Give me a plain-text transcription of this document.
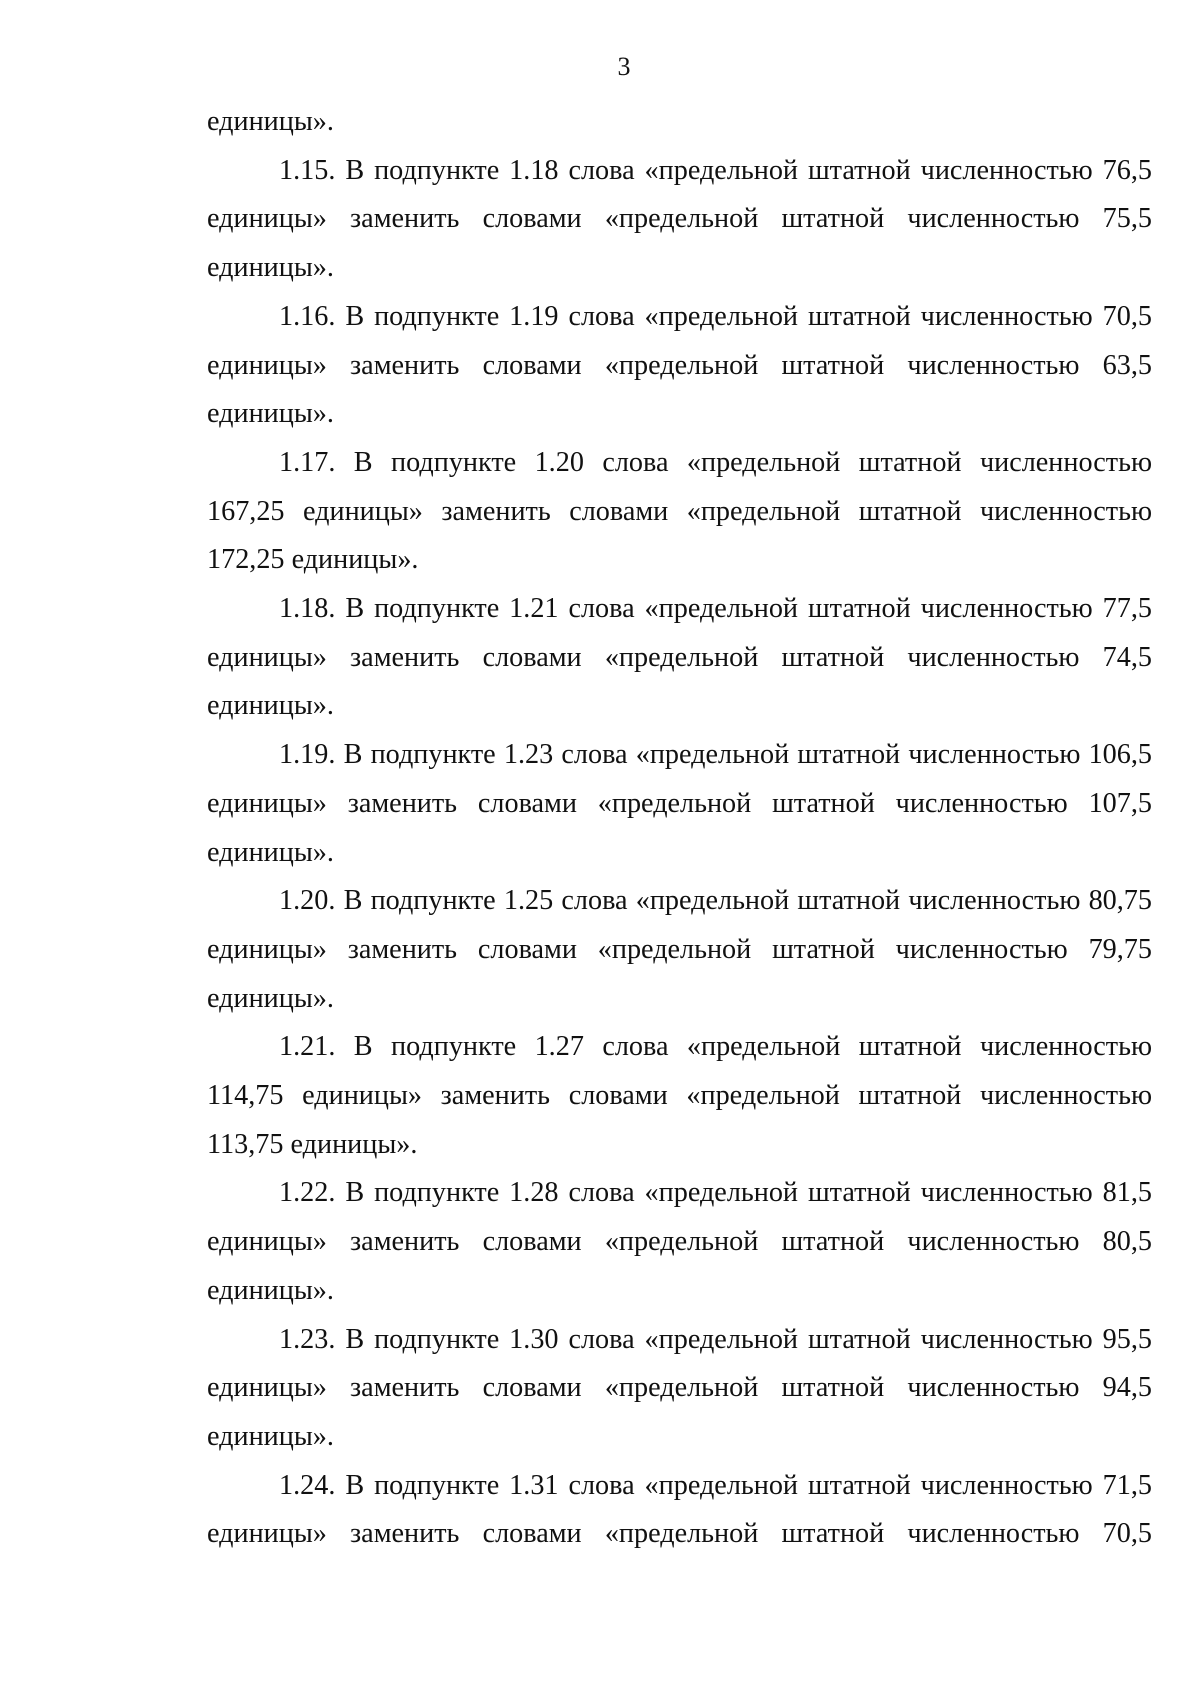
3

единицы».

1.15. В подпункте 1.18 слова «предельной штатной численностью 76,5 единицы» заменить словами «предельной штатной численностью 75,5 единицы».

1.16. В подпункте 1.19 слова «предельной штатной численностью 70,5 единицы» заменить словами «предельной штатной численностью 63,5 единицы».

1.17. В подпункте 1.20 слова «предельной штатной численностью 167,25 единицы» заменить словами «предельной штатной численностью 172,25 единицы».

1.18. В подпункте 1.21 слова «предельной штатной численностью 77,5 единицы» заменить словами «предельной штатной численностью 74,5 единицы».

1.19. В подпункте 1.23 слова «предельной штатной численностью 106,5 единицы» заменить словами «предельной штатной численностью 107,5 единицы».

1.20. В подпункте 1.25 слова «предельной штатной численностью 80,75 единицы» заменить словами «предельной штатной численностью 79,75 единицы».

1.21. В подпункте 1.27 слова «предельной штатной численностью 114,75 единицы» заменить словами «предельной штатной численностью 113,75 единицы».

1.22. В подпункте 1.28 слова «предельной штатной численностью 81,5 единицы» заменить словами «предельной штатной численностью 80,5 единицы».

1.23. В подпункте 1.30 слова «предельной штатной численностью 95,5 единицы» заменить словами «предельной штатной численностью 94,5 единицы».

1.24. В подпункте 1.31 слова «предельной штатной численностью 71,5 единицы» заменить словами «предельной штатной численностью 70,5
